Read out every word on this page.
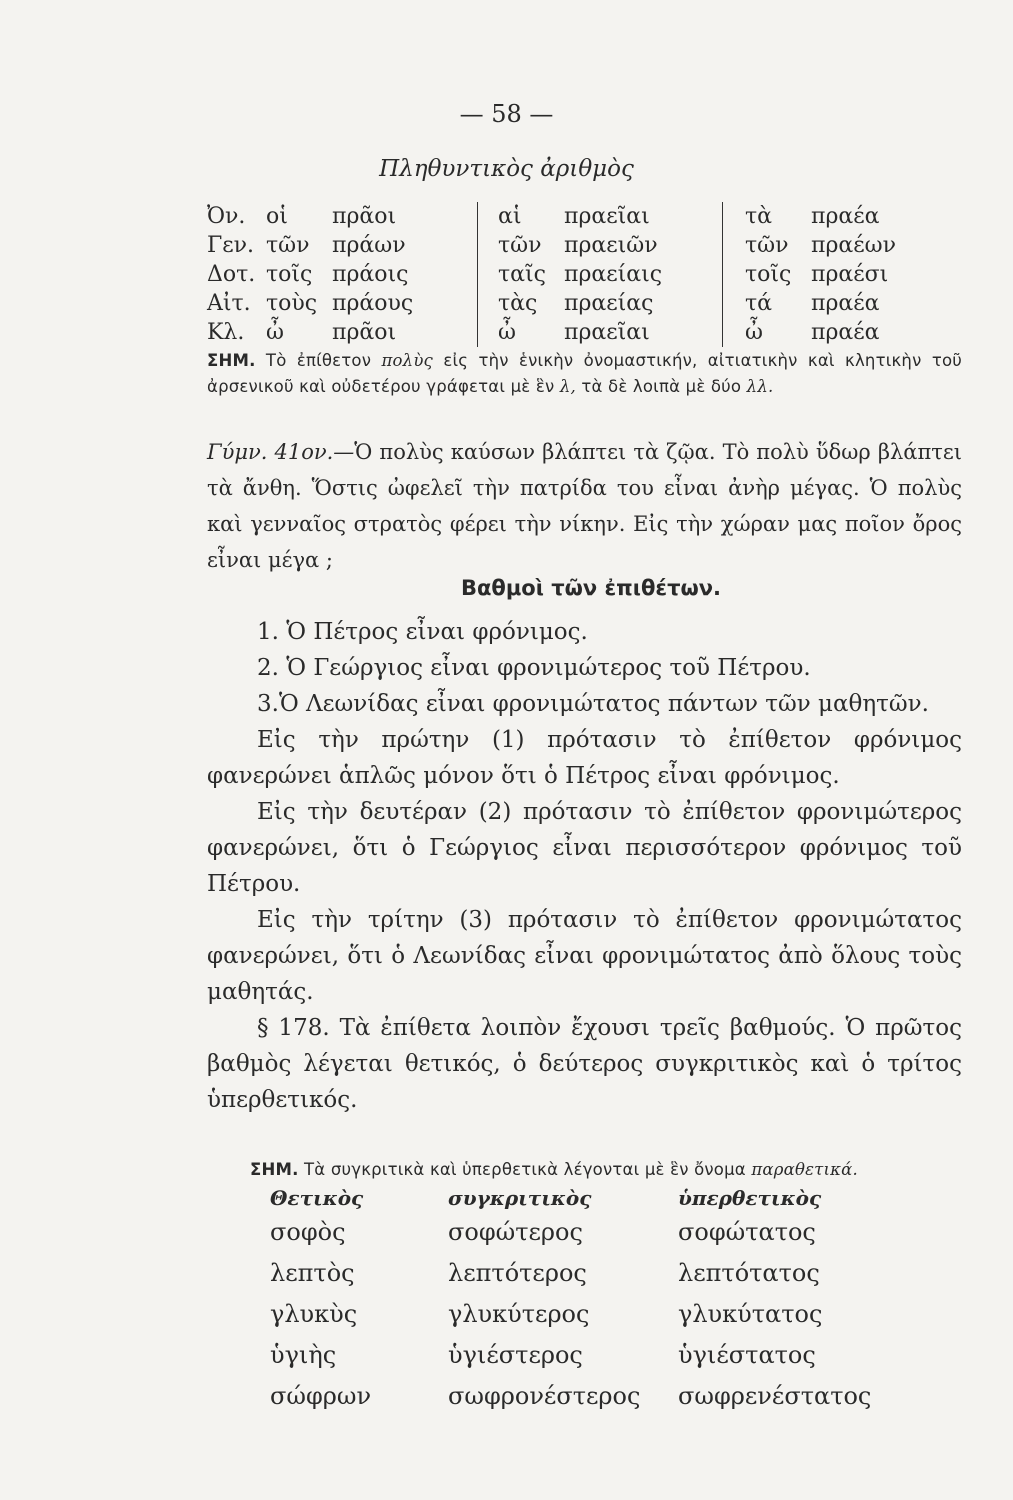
— 58 —
Πληθυντικὸς ἀριθμὸς
Ὀν. οἱ πρᾶοι	αἱ πραεῖαι	τὰ πραέα
Γεν. τῶν πράων	τῶν πραειῶν	τῶν πραέων
Δοτ. τοῖς πράοις	ταῖς πραείαις	τοῖς πραέσι
Αἰτ. τοὺς πράους	τὰς πραείας	τά πραέα
Κλ. ὦ πρᾶοι	ὦ πραεῖαι	ὦ πραέα
ΣΗΜ. Τὸ ἐπίθετον πολὺς εἰς τὴν ἑνικὴν ὀνομαστικήν, αἰτιατικὴν καὶ κλητικὴν τοῦ ἀρσενικοῦ καὶ οὐδετέρου γράφεται μὲ ἓν λ, τὰ δὲ λοιπὰ μὲ δύο λλ.
Γύμν. 41ον.—Ὁ πολὺς καύσων βλάπτει τὰ ζῷα. Τὸ πολὺ ὕδωρ βλάπτει τὰ ἄνθη. Ὅστις ὠφελεῖ τὴν πατρίδα του εἶναι ἀνὴρ μέγας. Ὁ πολὺς καὶ γενναῖος στρατὸς φέρει τὴν νίκην. Εἰς τὴν χώραν μας ποῖον ὄρος εἶναι μέγα ;
Βαθμοὶ τῶν ἐπιθέτων.

1. Ὁ Πέτρος εἶναι φρόνιμος.

2. Ὁ Γεώργιος εἶναι φρονιμώτερος τοῦ Πέτρου.

3.Ὁ Λεωνίδας εἶναι φρονιμώτατος πάντων τῶν μαθητῶν.

Εἰς τὴν πρώτην (1) πρότασιν τὸ ἐπίθετον φρόνιμος φανερώνει ἁπλῶς μόνον ὅτι ὁ Πέτρος εἶναι φρόνιμος.

Εἰς τὴν δευτέραν (2) πρότασιν τὸ ἐπίθετον φρονιμώτερος φανερώνει, ὅτι ὁ Γεώργιος εἶναι περισσότερον φρόνιμος τοῦ Πέτρου.

Εἰς τὴν τρίτην (3) πρότασιν τὸ ἐπίθετον φρονιμώτατος φανερώνει, ὅτι ὁ Λεωνίδας εἶναι φρονιμώτατος ἀπὸ ὅλους τοὺς μαθητάς.

§ 178. Τὰ ἐπίθετα λοιπὸν ἔχουσι τρεῖς βαθμούς. Ὁ πρῶτος βαθμὸς λέγεται θετικός, ὁ δεύτερος συγκριτικὸς καὶ ὁ τρίτος ὑπερθετικός.

ΣΗΜ. Τὰ συγκριτικὰ καὶ ὑπερθετικὰ λέγονται μὲ ἓν ὄνομα παραθετικά.
Θετικὸς	συγκριτικὸς	ὑπερθετικὸς
σοφὸς	σοφώτερος	σοφώτατος
λεπτὸς	λεπτότερος	λεπτότατος
γλυκὺς	γλυκύτερος	γλυκύτατος
ὑγιὴς	ὑγιέστερος	ὑγιέστατος
σώφρων	σωφρονέστερος	σωφρενέστατος
